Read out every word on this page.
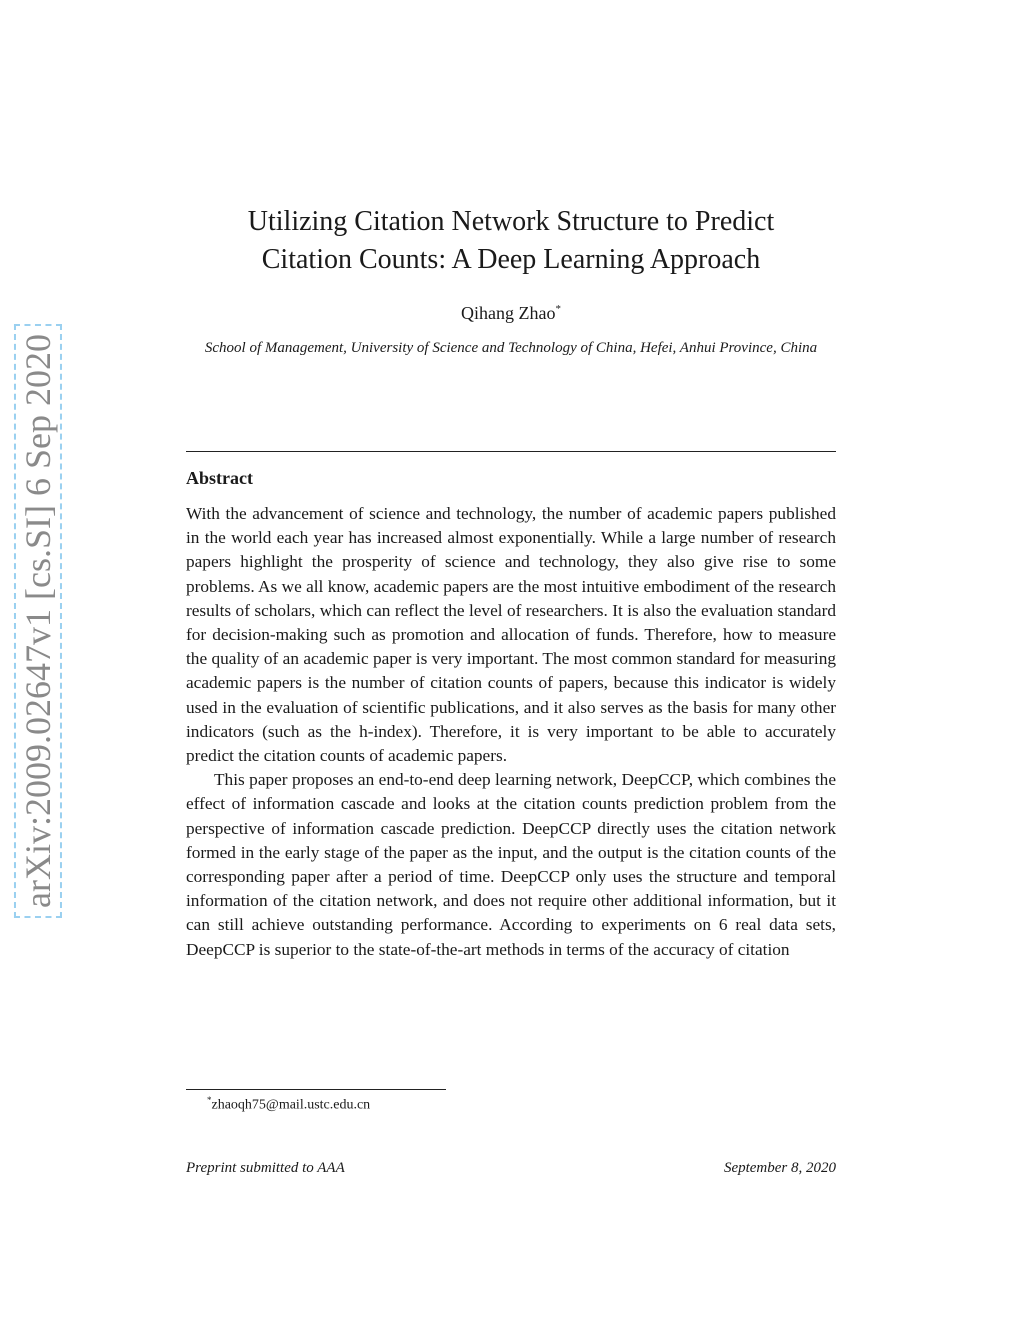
arXiv:2009.02647v1 [cs.SI] 6 Sep 2020
Utilizing Citation Network Structure to Predict
Citation Counts: A Deep Learning Approach
Qihang Zhao*
School of Management, University of Science and Technology of China, Hefei, Anhui Province, China
Abstract

With the advancement of science and technology, the number of academic papers published in the world each year has increased almost exponentially. While a large number of research papers highlight the prosperity of science and technology, they also give rise to some problems. As we all know, academic papers are the most intuitive embodiment of the research results of scholars, which can reflect the level of researchers. It is also the evaluation standard for decision-making such as promotion and allocation of funds. Therefore, how to measure the quality of an academic paper is very important. The most common standard for measuring academic papers is the number of citation counts of papers, because this indicator is widely used in the evaluation of scientific publications, and it also serves as the basis for many other indicators (such as the h-index). Therefore, it is very important to be able to accurately predict the citation counts of academic papers.

This paper proposes an end-to-end deep learning network, DeepCCP, which combines the effect of information cascade and looks at the citation counts prediction problem from the perspective of information cascade prediction. DeepCCP directly uses the citation network formed in the early stage of the paper as the input, and the output is the citation counts of the corresponding paper after a period of time. DeepCCP only uses the structure and temporal information of the citation network, and does not require other additional information, but it can still achieve outstanding performance. According to experiments on 6 real data sets, DeepCCP is superior to the state-of-the-art methods in terms of the accuracy of citation

*zhaoqh75@mail.ustc.edu.cn
Preprint submitted to AAA	September 8, 2020
